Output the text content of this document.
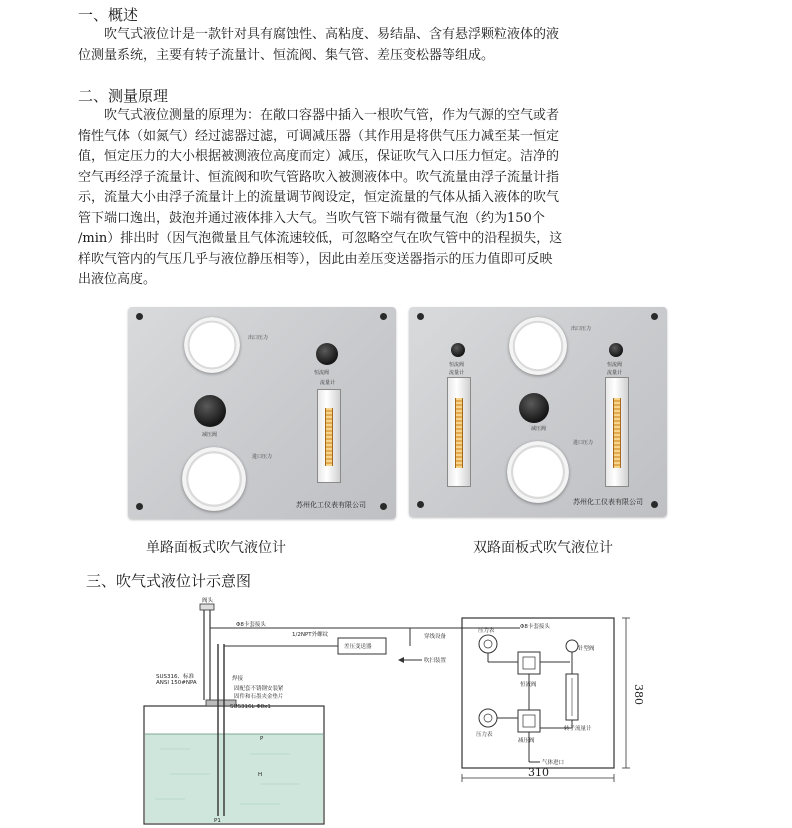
一、概述
吹气式液位计是一款针对具有腐蚀性、高粘度、易结晶、含有悬浮颗粒液体的液
位测量系统，主要有转子流量计、恒流阀、集气管、差压变松器等组成。
二、测量原理
吹气式液位测量的原理为：在敞口容器中插入一根吹气管，作为气源的空气或者
惰性气体（如氮气）经过滤器过滤，可调减压器（其作用是将供气压力减至某一恒定
值，恒定压力的大小根据被测液位高度而定）减压，保证吹气入口压力恒定。洁净的
空气再经浮子流量计、恒流阀和吹气管路吹入被测液体中。吹气流量由浮子流量计指
示，流量大小由浮子流量计上的流量调节阀设定，恒定流量的气体从插入液体的吹气
管下端口逸出，鼓泡并通过液体排入大气。当吹气管下端有微量气泡（约为150个
/min）排出时（因气泡微量且气体流速较低，可忽略空气在吹气管中的沿程损失，这
样吹气管内的气压几乎与液位静压相等），因此由差压变送器指示的压力值即可反映
出液位高度。
出口压力
恒流阀
减压阀
流量计
进口压力
苏州化工仪表有限公司
单路面板式吹气液位计
恒流阀
流量计
出口压力
恒流阀
流量计
减压阀
进口压力
苏州化工仪表有限公司
双路面板式吹气液位计
三、吹气式液位计示意图
阀头
Φ8卡套接头
1/2NPT外螺纹
差压变送器
穿线设备
Φ8卡套接头
吹扫装置
SUS316、标准
ANSI 150#NPA
焊接
固配套不锈钢安装紧
固件和石墨夹金垫片
SUS316L Φ8x1
P
H
P1
压力表
针型阀
恒流阀
压力表
减压阀
转子流量计
气体进口
380
310
